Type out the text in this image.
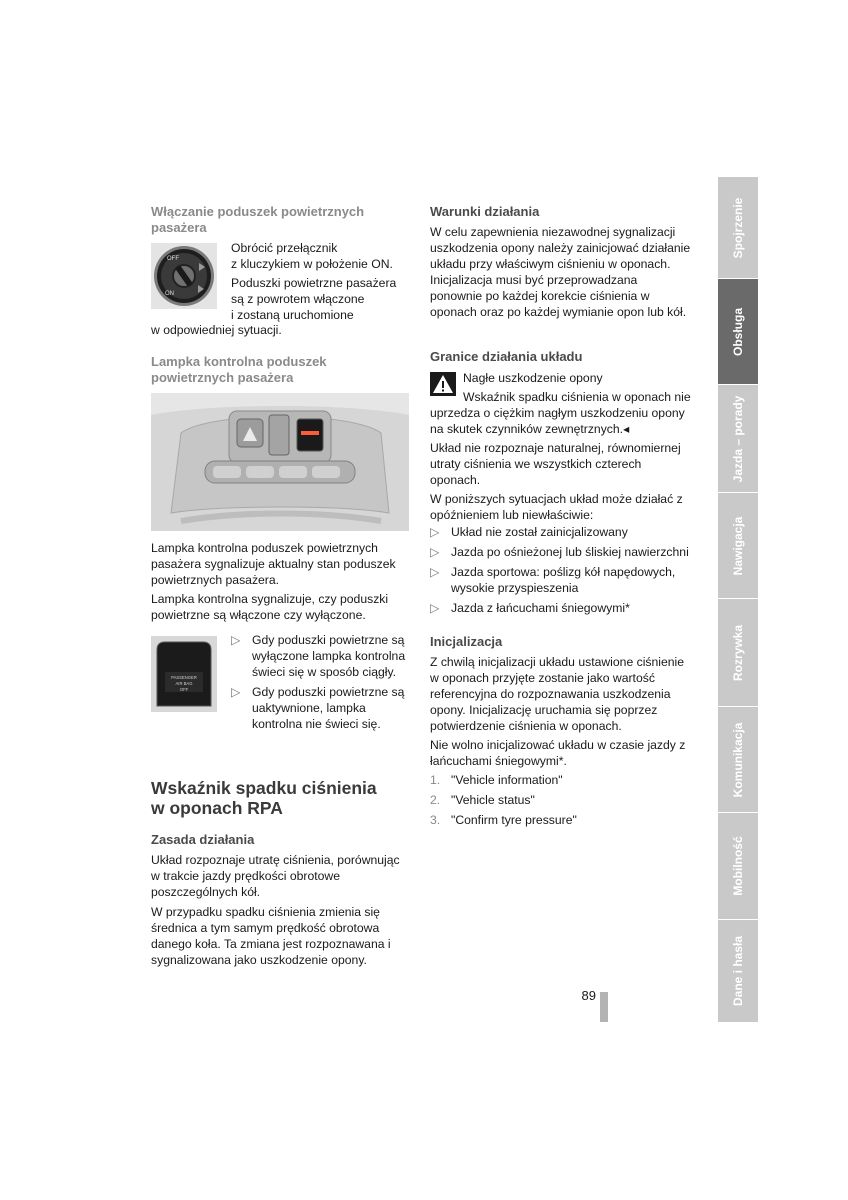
Włączanie poduszek powietrznych pasażera
OFF
ON

Obrócić przełącznik

z kluczykiem w położenie ON.

Poduszki powietrzne pasażera

są z powrotem włączone

i zostaną uruchomione

w odpowiedniej sytuacji.

Lampka kontrolna poduszek powietrznych pasażera

Lampka kontrolna poduszek powietrznych pasażera sygnalizuje aktualny stan poduszek powietrznych pasażera.

Lampka kontrolna sygnalizuje, czy poduszki powietrzne są włączone czy wyłączone.

PASSENGER
AIR BAG
OFF
▷ Gdy poduszki powietrzne są wyłączone lampka kontrolna świeci się w sposób ciągły.
▷ Gdy poduszki powietrzne są uaktywnione, lampka kontrolna nie świeci się.
Wskaźnik spadku ciśnienia
w oponach RPA
Zasada działania

Układ rozpoznaje utratę ciśnienia, porównując w trakcie jazdy prędkości obrotowe poszczególnych kół.

W przypadku spadku ciśnienia zmienia się średnica a tym samym prędkość obrotowa danego koła. Ta zmiana jest rozpoznawana i sygnalizowana jako uszkodzenie opony.

Warunki działania

W celu zapewnienia niezawodnej sygnalizacji uszkodzenia opony należy zainicjować działanie układu przy właściwym ciśnieniu w oponach. Inicjalizacja musi być przeprowadzana ponownie po każdej korekcie ciśnienia w oponach oraz po każdej wymianie opon lub kół.

Granice działania układu

Nagłe uszkodzenie opony

Wskaźnik spadku ciśnienia w oponach nie uprzedza o ciężkim nagłym uszkodzeniu opony na skutek czynników zewnętrznych.◂

Układ nie rozpoznaje naturalnej, równomiernej utraty ciśnienia we wszystkich czterech oponach.

W poniższych sytuacjach układ może działać z opóźnieniem lub niewłaściwie:

▷ Układ nie został zainicjalizowany
▷ Jazda po ośnieżonej lub śliskiej nawierzchni
▷ Jazda sportowa: poślizg kół napędowych, wysokie przyspieszenia
▷ Jazda z łańcuchami śniegowymi*
Inicjalizacja

Z chwilą inicjalizacji układu ustawione ciśnienie w oponach przyjęte zostanie jako wartość referencyjna do rozpoznawania uszkodzenia opony. Inicjalizację uruchamia się poprzez potwierdzenie ciśnienia w oponach.

Nie wolno inicjalizować układu w czasie jazdy z łańcuchami śniegowymi*.

1. "Vehicle information"
2. "Vehicle status"
3. "Confirm tyre pressure"
89
Spojrzenie
Obsługa
Jazda – porady
Nawigacja
Rozrywka
Komunikacja
Mobilność
Dane i hasła
